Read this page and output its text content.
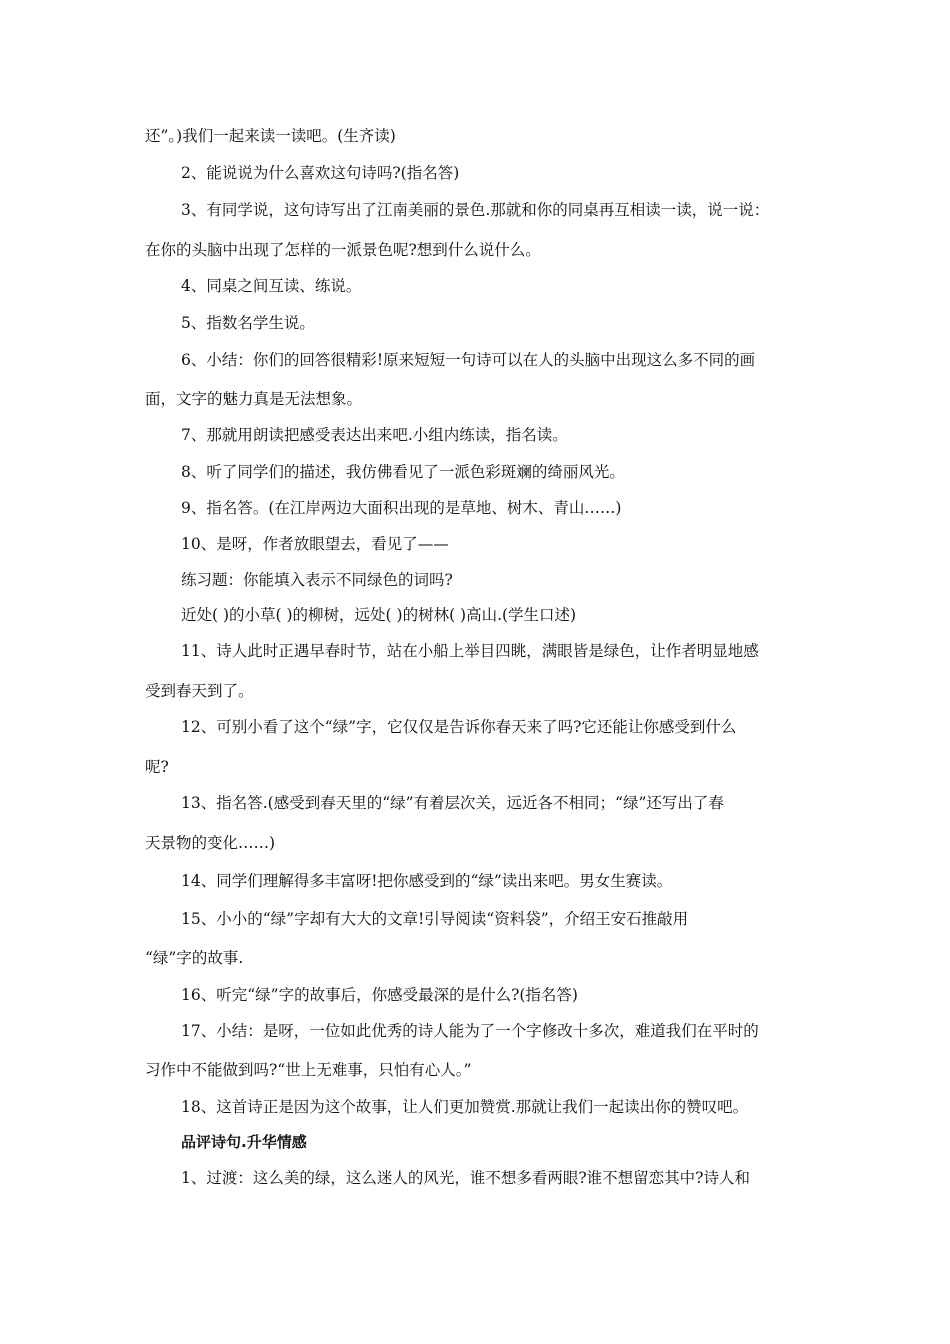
还”。)我们一起来读一读吧。(生齐读)
2、能说说为什么喜欢这句诗吗?(指名答)
3、有同学说，这句诗写出了江南美丽的景色.那就和你的同桌再互相读一读，说一说：
在你的头脑中出现了怎样的一派景色呢?想到什么说什么。
4、同桌之间互读、练说。
5、指数名学生说。
6、小结：你们的回答很精彩!原来短短一句诗可以在人的头脑中出现这么多不同的画
面，文字的魅力真是无法想象。
7、那就用朗读把感受表达出来吧.小组内练读，指名读。
8、听了同学们的描述，我仿佛看见了一派色彩斑斓的绮丽风光。
9、指名答。(在江岸两边大面积出现的是草地、树木、青山……)
10、是呀，作者放眼望去，看见了——
练习题：你能填入表示不同绿色的词吗?
近处( )的小草( )的柳树，远处( )的树林( )高山.(学生口述)
11、诗人此时正遇早春时节，站在小船上举目四眺，满眼皆是绿色，让作者明显地感
受到春天到了。
12、可别小看了这个“绿”字，它仅仅是告诉你春天来了吗?它还能让你感受到什么
呢?
13、指名答.(感受到春天里的“绿”有着层次关，远近各不相同；“绿”还写出了春
天景物的变化……)
14、同学们理解得多丰富呀!把你感受到的“绿”读出来吧。男女生赛读。
15、小小的“绿”字却有大大的文章!引导阅读“资料袋”，介绍王安石推敲用
“绿”字的故事.
16、听完“绿”字的故事后，你感受最深的是什么?(指名答)
17、小结：是呀，一位如此优秀的诗人能为了一个字修改十多次，难道我们在平时的
习作中不能做到吗?“世上无难事，只怕有心人。”
18、这首诗正是因为这个故事，让人们更加赞赏.那就让我们一起读出你的赞叹吧。
品评诗句.升华情感
1、过渡：这么美的绿，这么迷人的风光，谁不想多看两眼?谁不想留恋其中?诗人和
